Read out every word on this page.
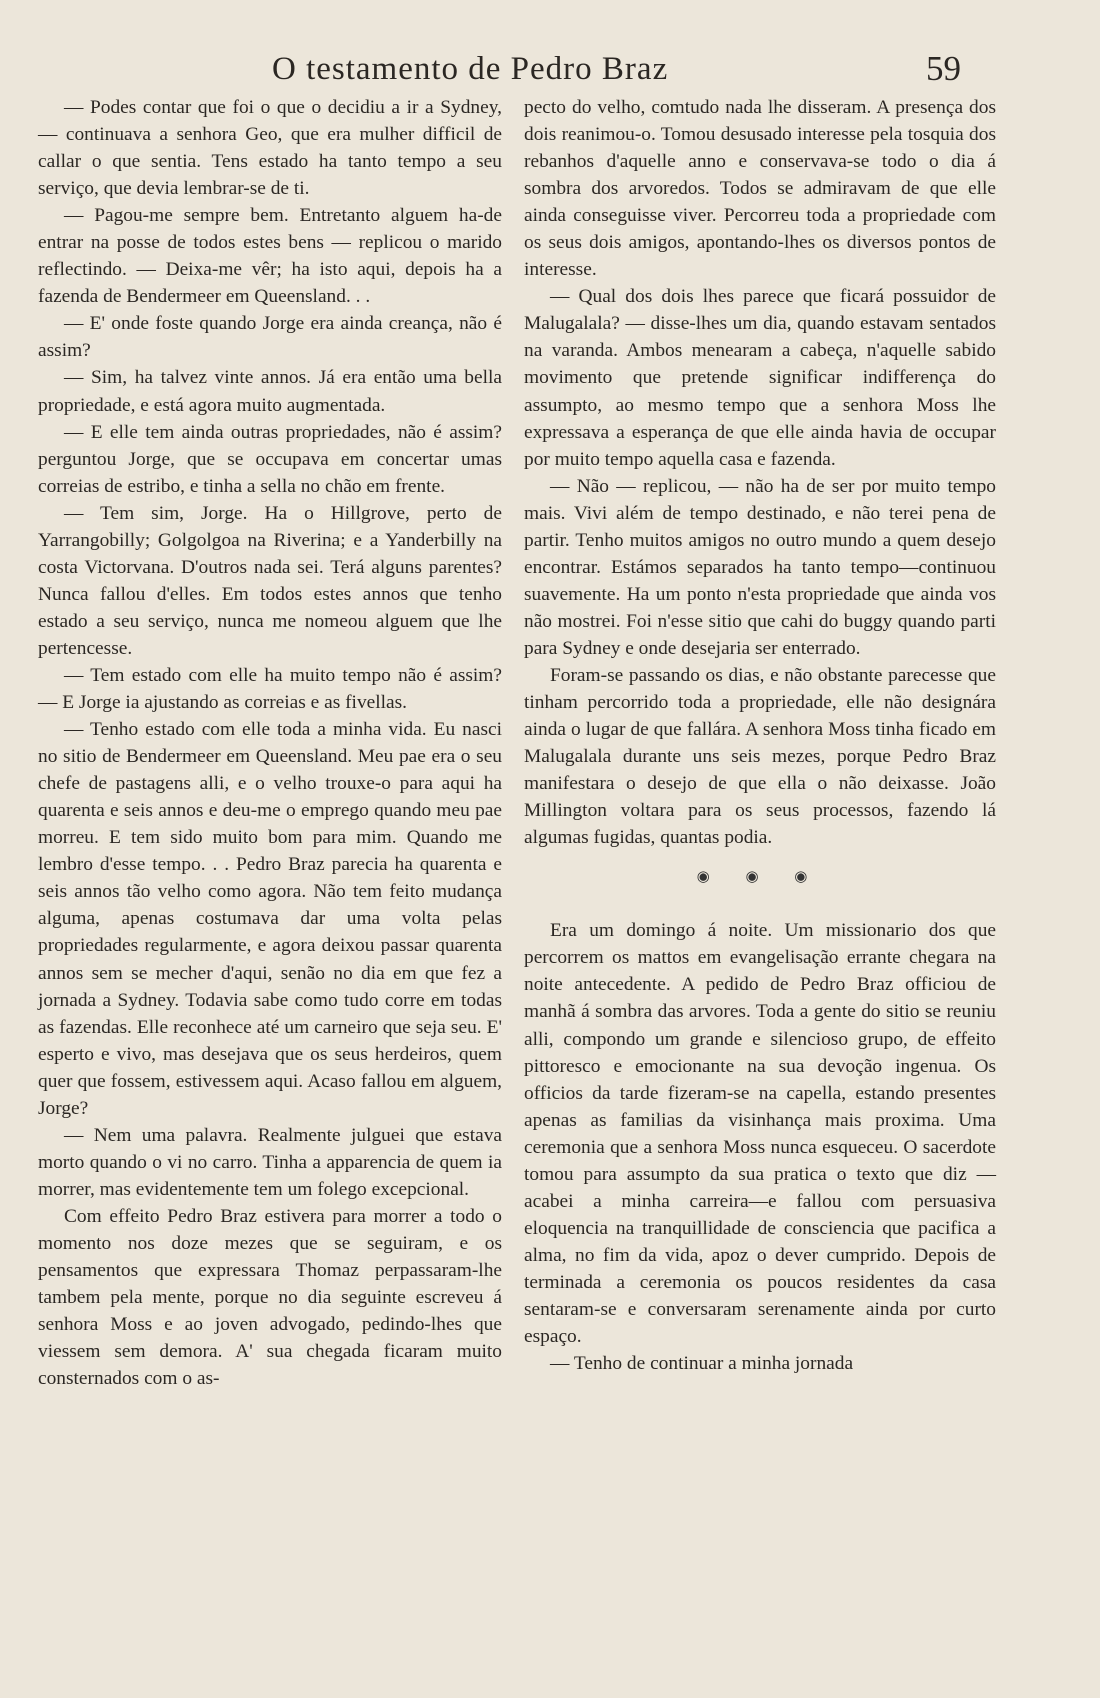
O testamento de Pedro Braz	59

— Podes contar que foi o que o decidiu a ir a Sydney, — continuava a senhora Geo, que era mulher difficil de callar o que sentia. Tens estado ha tanto tempo a seu serviço, que devia lembrar-se de ti.

— Pagou-me sempre bem. Entretanto alguem ha-de entrar na posse de todos estes bens — replicou o marido reflectindo. — Deixa-me vêr; ha isto aqui, depois ha a fazenda de Bendermeer em Queensland. . .

— E' onde foste quando Jorge era ainda creança, não é assim?

— Sim, ha talvez vinte annos. Já era então uma bella propriedade, e está agora muito augmentada.

— E elle tem ainda outras propriedades, não é assim? perguntou Jorge, que se occupava em concertar umas correias de estribo, e tinha a sella no chão em frente.

— Tem sim, Jorge. Ha o Hillgrove, perto de Yarrangobilly; Golgolgoa na Riverina; e a Yanderbilly na costa Victorvana. D'outros nada sei. Terá alguns parentes? Nunca fallou d'elles. Em todos estes annos que tenho estado a seu serviço, nunca me nomeou alguem que lhe pertencesse.

— Tem estado com elle ha muito tempo não é assim? — E Jorge ia ajustando as correias e as fivellas.

— Tenho estado com elle toda a minha vida. Eu nasci no sitio de Bendermeer em Queensland. Meu pae era o seu chefe de pastagens alli, e o velho trouxe-o para aqui ha quarenta e seis annos e deu-me o emprego quando meu pae morreu. E tem sido muito bom para mim. Quando me lembro d'esse tempo. . . Pedro Braz parecia ha quarenta e seis annos tão velho como agora. Não tem feito mudança alguma, apenas costumava dar uma volta pelas propriedades regularmente, e agora deixou passar quarenta annos sem se mecher d'aqui, senão no dia em que fez a jornada a Sydney. Todavia sabe como tudo corre em todas as fazendas. Elle reconhece até um carneiro que seja seu. E' esperto e vivo, mas desejava que os seus herdeiros, quem quer que fossem, estivessem aqui. Acaso fallou em alguem, Jorge?

— Nem uma palavra. Realmente julguei que estava morto quando o vi no carro. Tinha a apparencia de quem ia morrer, mas evidentemente tem um folego excepcional.

Com effeito Pedro Braz estivera para morrer a todo o momento nos doze mezes que se seguiram, e os pensamentos que expressara Thomaz perpassaram-lhe tambem pela mente, porque no dia seguinte escreveu á senhora Moss e ao joven advogado, pedindo-lhes que viessem sem demora. A' sua chegada ficaram muito consternados com o as-

pecto do velho, comtudo nada lhe disseram. A presença dos dois reanimou-o. Tomou desusado interesse pela tosquia dos rebanhos d'aquelle anno e conservava-se todo o dia á sombra dos arvoredos. Todos se admiravam de que elle ainda conseguisse viver. Percorreu toda a propriedade com os seus dois amigos, apontando-lhes os diversos pontos de interesse.

— Qual dos dois lhes parece que ficará possuidor de Malugalala? — disse-lhes um dia, quando estavam sentados na varanda. Ambos menearam a cabeça, n'aquelle sabido movimento que pretende significar indifferença do assumpto, ao mesmo tempo que a senhora Moss lhe expressava a esperança de que elle ainda havia de occupar por muito tempo aquella casa e fazenda.

— Não — replicou, — não ha de ser por muito tempo mais. Vivi além de tempo destinado, e não terei pena de partir. Tenho muitos amigos no outro mundo a quem desejo encontrar. Estámos separados ha tanto tempo—continuou suavemente. Ha um ponto n'esta propriedade que ainda vos não mostrei. Foi n'esse sitio que cahi do buggy quando parti para Sydney e onde desejaria ser enterrado.

Foram-se passando os dias, e não obstante parecesse que tinham percorrido toda a propriedade, elle não designára ainda o lugar de que fallára. A senhora Moss tinha ficado em Malugalala durante uns seis mezes, porque Pedro Braz manifestara o desejo de que ella o não deixasse. João Millington voltara para os seus processos, fazendo lá algumas fugidas, quantas podia.

◉ ◉ ◉

Era um domingo á noite. Um missionario dos que percorrem os mattos em evangelisação errante chegara na noite antecedente. A pedido de Pedro Braz officiou de manhã á sombra das arvores. Toda a gente do sitio se reuniu alli, compondo um grande e silencioso grupo, de effeito pittoresco e emocionante na sua devoção ingenua. Os officios da tarde fizeram-se na capella, estando presentes apenas as familias da visinhança mais proxima. Uma ceremonia que a senhora Moss nunca esqueceu. O sacerdote tomou para assumpto da sua pratica o texto que diz — acabei a minha carreira—e fallou com persuasiva eloquencia na tranquillidade de consciencia que pacifica a alma, no fim da vida, apoz o dever cumprido. Depois de terminada a ceremonia os poucos residentes da casa sentaram-se e conversaram serenamente ainda por curto espaço.

— Tenho de continuar a minha jornada
